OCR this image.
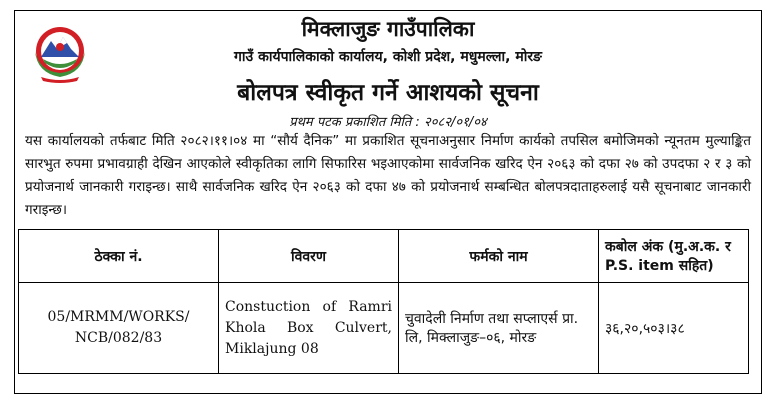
मिक्लाजुङ गाउँपालिका
गाउँ कार्यपालिकाको कार्यालय, कोशी प्रदेश, मधुमल्ला, मोरङ
बोलपत्र स्वीकृत गर्ने आशयको सूचना
प्रथम पटक प्रकाशित मिति : २०८२/०१/०४

यस कार्यालयको तर्फबाट मिति २०८२।११।०४ मा “सौर्य दैनिक” मा प्रकाशित सूचनाअनुसार निर्माण कार्यको तपसिल बमोजिमको न्यूनतम मुल्याङ्कित सारभुत रुपमा प्रभावग्राही देखिन आएकोले स्वीकृतिका लागि सिफारिस भइआएकोमा सार्वजनिक खरिद ऐन २०६३ को दफा २७ को उपदफा २ र ३ को प्रयोजनार्थ जानकारी गराइन्छ। साथै सार्वजनिक खरिद ऐन २०६३ को दफा ४७ को प्रयोजनार्थ सम्बन्धित बोलपत्रदाताहरुलाई यसै सूचनाबाट जानकारी गराइन्छ।

ठेक्का नं.	विवरण	फर्मको नाम	कबोल अंक (मु.अ.क. र P.S. item सहित)
05/MRMM/WORKS/ NCB/082/83	Constuction of Ramri Khola Box Culvert, Miklajung 08	चुवादेली निर्माण तथा सप्लाएर्स प्रा. लि, मिक्लाजुङ–०६, मोरङ	३६,२०,५०३।३८
